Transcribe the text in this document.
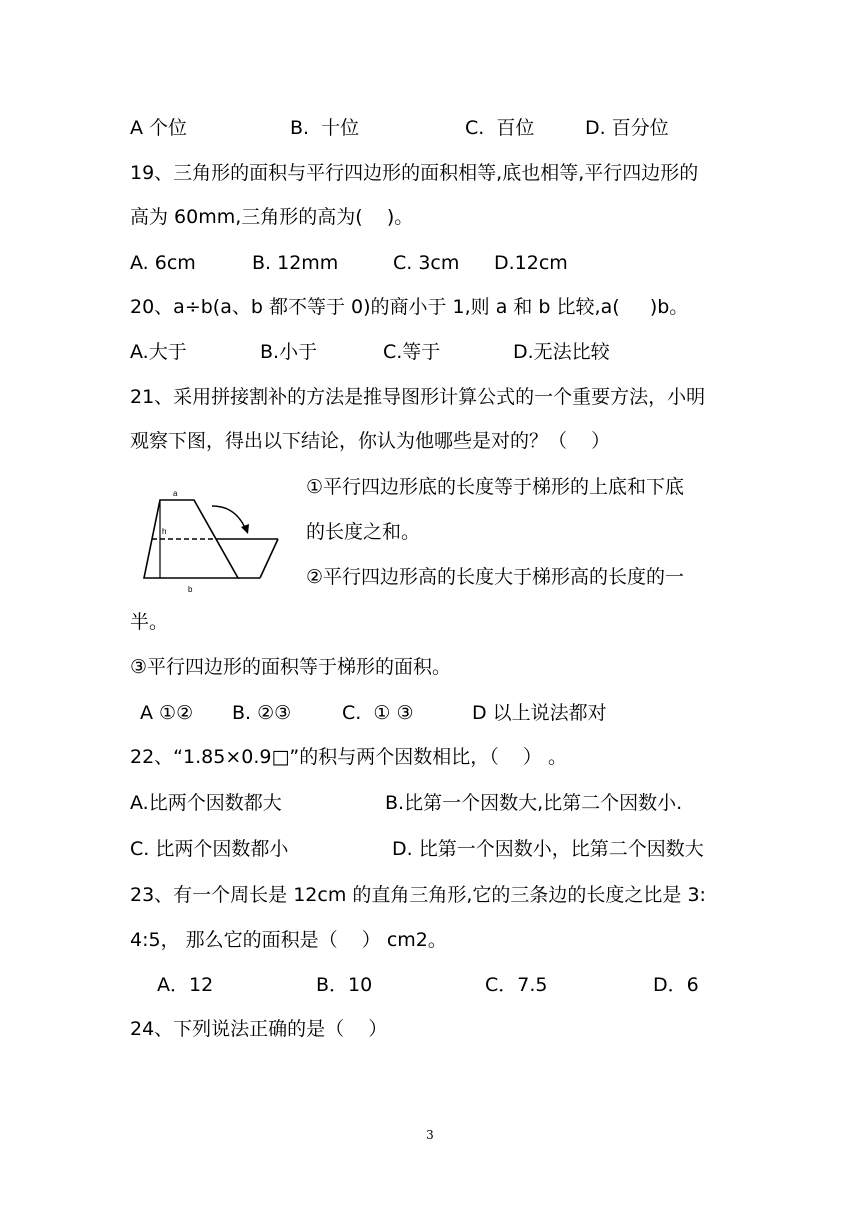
A 个位	B.  十位	C.  百位	D. 百分位
19、三角形的面积与平行四边形的面积相等,底也相等,平行四边形的
高为 60mm,三角形的高为(    )。
A. 6cm	B. 12mm	C. 3cm D.12cm
20、a÷b(a、b 都不等于 0)的商小于 1,则 a 和 b 比较,a(     )b。
A.大于	B.小于	C.等于	D.无法比较
21、采用拼接割补的方法是推导图形计算公式的一个重要方法，小明
观察下图，得出以下结论，你认为他哪些是对的？（    ）
a
h
b
①平行四边形底的长度等于梯形的上底和下底
的长度之和。
②平行四边形高的长度大于梯形高的长度的一
半。
③平行四边形的面积等于梯形的面积。
A ①② B. ②③	C.  ① ③	D 以上说法都对
22、“1.85×0.9□”的积与两个因数相比，（    ） 。
A.比两个因数都大	B.比第一个因数大,比第二个因数小.
C. 比两个因数都小	D. 比第一个因数小，比第二个因数大
23、有一个周长是 12cm 的直角三角形,它的三条边的长度之比是 3:
4:5， 那么它的面积是（    ） cm2。
A．12	B．10	C．7.5	D．6
24、下列说法正确的是（    ）
3
